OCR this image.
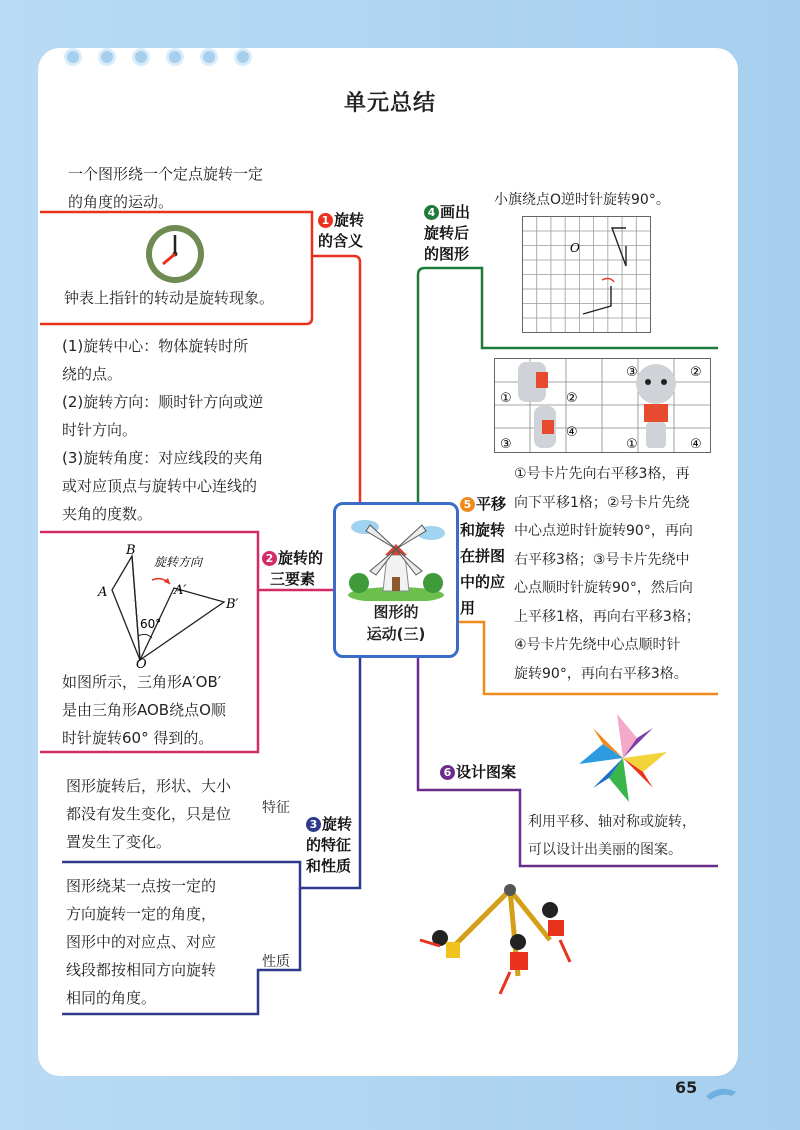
单元总结
图形的
运动(三)
一个图形绕一个定点旋转一定
的角度的运动。
1 旋转
的含义
钟表上指针的转动是旋转现象。
(1)旋转中心：物体旋转时所
绕的点。
(2)旋转方向：顺时针方向或逆
时针方向。
(3)旋转角度：对应线段的夹角
或对应顶点与旋转中心连线的
夹角的度数。
2 旋转的
三要素
B
A	A′
B′
O
60°
旋转方向
如图所示，三角形A′OB′
是由三角形AOB绕点O顺
时针旋转60° 得到的。
图形旋转后，形状、大小
都没有发生变化，只是位
置发生了变化。
特征
3 旋转
的特征
和性质
图形绕某一点按一定的
方向旋转一定的角度，
图形中的对应点、对应
线段都按相同方向旋转
相同的角度。
性质
4 画出
旋转后
的图形
小旗绕点O逆时针旋转90°。
O
①	②
③
④
③	②
①	④
5 平移
和旋转
在拼图
中的应
用
①号卡片先向右平移3格，再
向下平移1格；②号卡片先绕
中心点逆时针旋转90°，再向
右平移3格；③号卡片先绕中
心点顺时针旋转90°，然后向
上平移1格，再向右平移3格；
④号卡片先绕中心点顺时针
旋转90°，再向右平移3格。
6 设计图案
利用平移、轴对称或旋转，
可以设计出美丽的图案。
65
